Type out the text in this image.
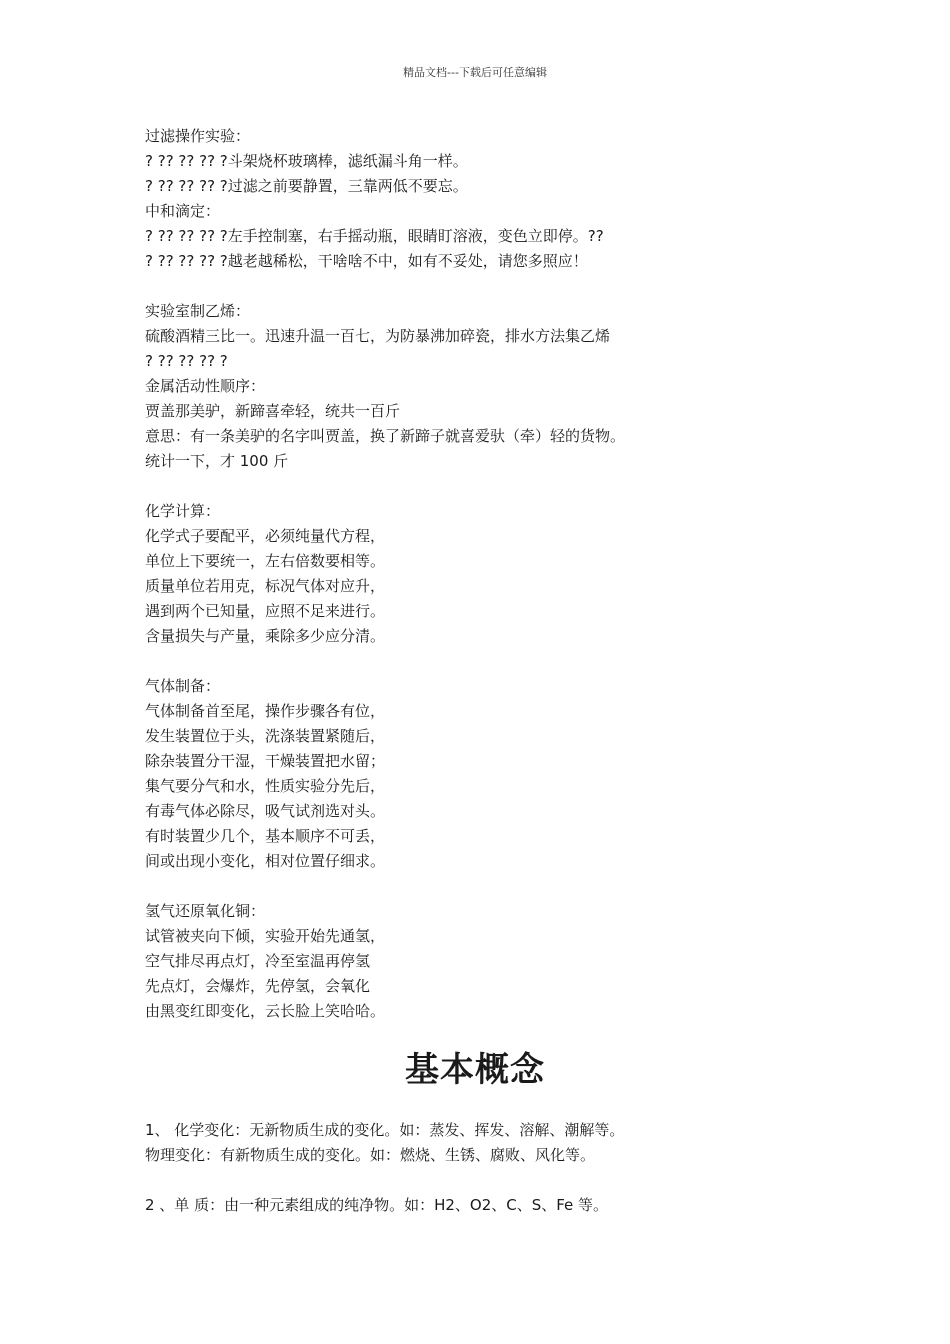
精品文档---下载后可任意编辑
过滤操作实验：
? ?? ?? ?? ?斗架烧杯玻璃棒，滤纸漏斗角一样。
? ?? ?? ?? ?过滤之前要静置，三靠两低不要忘。
中和滴定：
? ?? ?? ?? ?左手控制塞，右手摇动瓶，眼睛盯溶液，变色立即停。??
? ?? ?? ?? ?越老越稀松，干啥啥不中，如有不妥处，请您多照应！
实验室制乙烯：
硫酸酒精三比一。迅速升温一百七，为防暴沸加碎瓷，排水方法集乙烯
? ?? ?? ?? ?
金属活动性顺序：
贾盖那美驴，新蹄喜牵轻，统共一百斤
意思：有一条美驴的名字叫贾盖，换了新蹄子就喜爱驮（牵）轻的货物。
统计一下，才 100 斤
化学计算：
化学式子要配平，必须纯量代方程，
单位上下要统一，左右倍数要相等。
质量单位若用克，标况气体对应升，
遇到两个已知量，应照不足来进行。
含量损失与产量，乘除多少应分清。
气体制备：
气体制备首至尾，操作步骤各有位，
发生装置位于头，洗涤装置紧随后，
除杂装置分干湿，干燥装置把水留；
集气要分气和水，性质实验分先后，
有毒气体必除尽，吸气试剂选对头。
有时装置少几个，基本顺序不可丢，
间或出现小变化，相对位置仔细求。
氢气还原氧化铜：
试管被夹向下倾，实验开始先通氢，
空气排尽再点灯，冷至室温再停氢
先点灯，会爆炸，先停氢，会氧化
由黑变红即变化，云长脸上笑哈哈。
基本概念
1、 化学变化：无新物质生成的变化。如：蒸发、挥发、溶解、潮解等。
物理变化：有新物质生成的变化。如：燃烧、生锈、腐败、风化等。
2 、单 质：由一种元素组成的纯净物。如：H2、O2、C、S、Fe 等。
